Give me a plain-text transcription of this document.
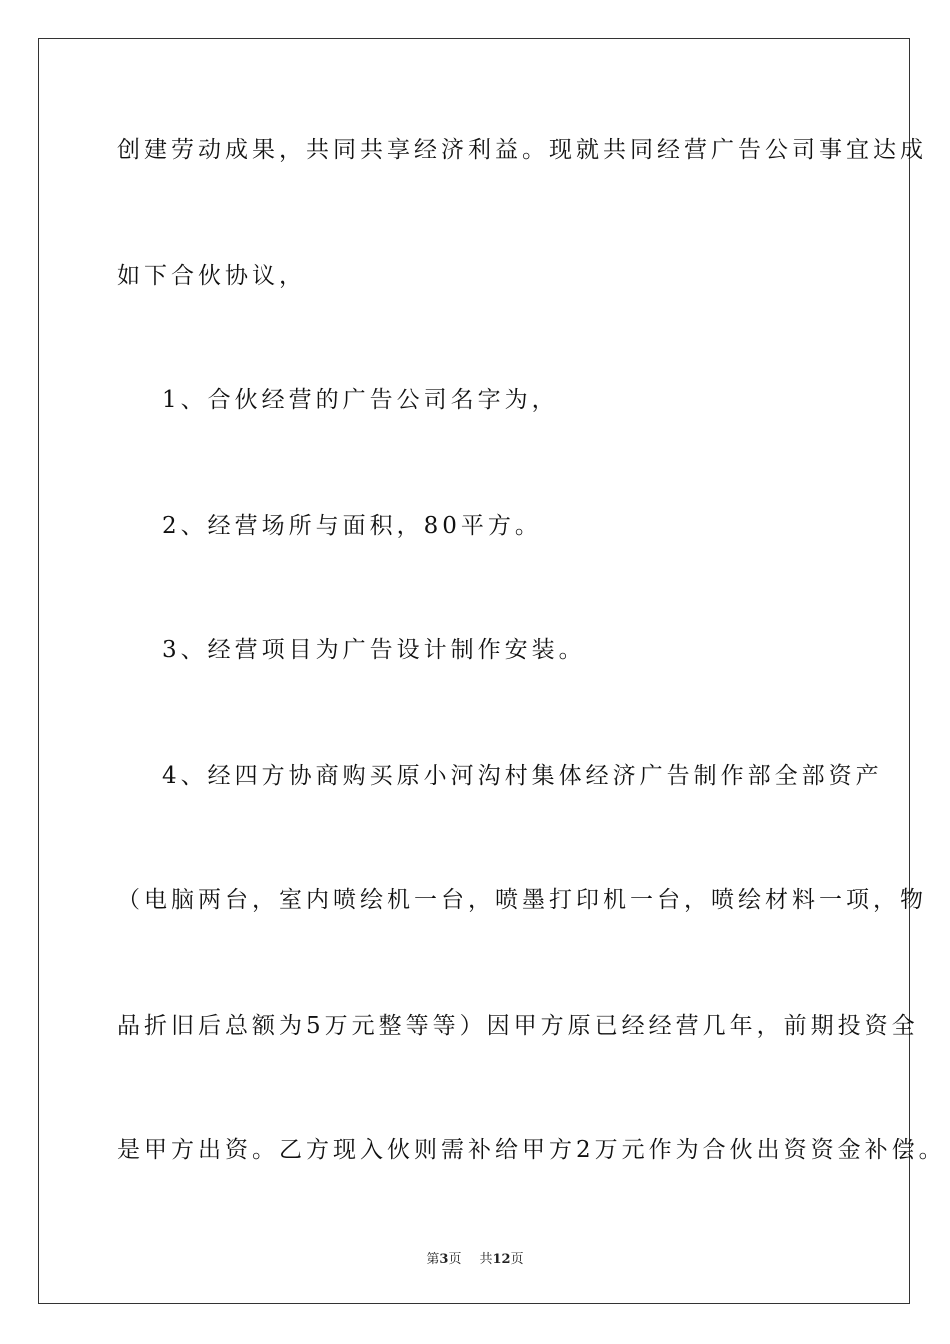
创建劳动成果，共同共享经济利益。现就共同经营广告公司事宜达成
如下合伙协议，
1、合伙经营的广告公司名字为，
2、经营场所与面积，80平方。
3、经营项目为广告设计制作安装。
4、经四方协商购买原小河沟村集体经济广告制作部全部资产
（电脑两台，室内喷绘机一台，喷墨打印机一台，喷绘材料一项，物
品折旧后总额为5万元整等等）因甲方原已经经营几年，前期投资全
是甲方出资。乙方现入伙则需补给甲方2万元作为合伙出资资金补偿。
第3页 共12页
